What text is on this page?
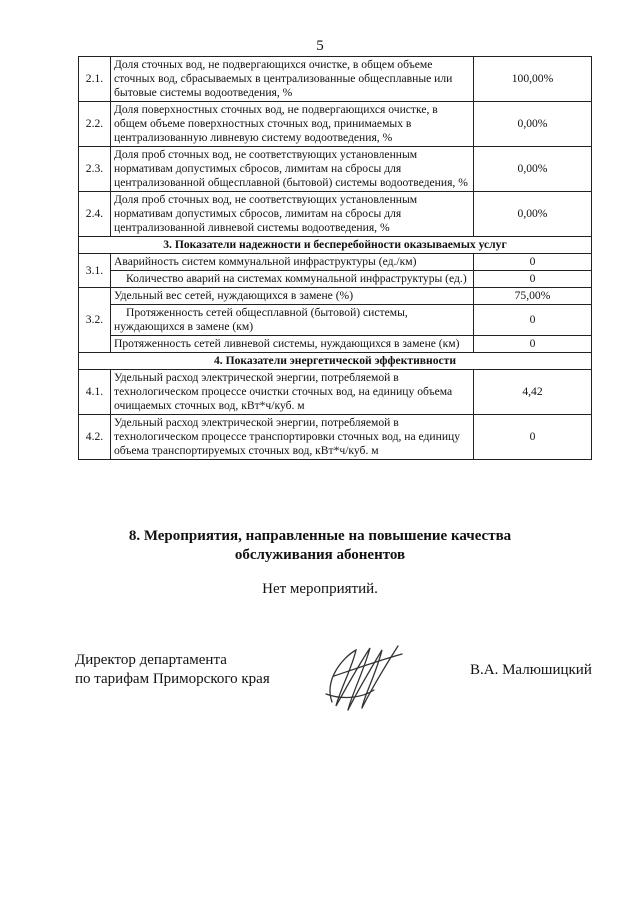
5
2.1.	Доля сточных вод, не подвергающихся очистке, в общем объеме сточных вод, сбрасываемых в централизованные общесплавные или бытовые системы водоотведения, %	100,00%
2.2.	Доля поверхностных сточных вод, не подвергающихся очистке, в общем объеме поверхностных сточных вод, принимаемых в централизованную ливневую систему водоотведения, %	0,00%
2.3.	Доля проб сточных вод, не соответствующих установленным нормативам допустимых сбросов, лимитам на сбросы для централизованной общесплавной (бытовой) системы водоотведения, %	0,00%
2.4.	Доля проб сточных вод, не соответствующих установленным нормативам допустимых сбросов, лимитам на сбросы для централизованной ливневой системы водоотведения, %	0,00%
3. Показатели надежности и бесперебойности оказываемых услуг		
3.1.	Аварийность систем коммунальной инфраструктуры (ед./км)	0
	Количество аварий на системах коммунальной инфраструктуры (ед.)	0
3.2.	Удельный вес сетей, нуждающихся в замене (%)	75,00%
	Протяженность сетей общесплавной (бытовой) системы, нуждающихся в замене (км)	0
	Протяженность сетей ливневой системы, нуждающихся в замене (км)	0
4. Показатели энергетической эффективности		
4.1.	Удельный расход электрической энергии, потребляемой в технологическом процессе очистки сточных вод, на единицу объема очищаемых сточных вод, кВт*ч/куб. м	4,42
4.2.	Удельный расход электрической энергии, потребляемой в технологическом процессе транспортировки сточных вод, на единицу объема транспортируемых сточных вод, кВт*ч/куб. м	0
8. Мероприятия, направленные на повышение качества
обслуживания абонентов
Нет мероприятий.
Директор департамента
по тарифам Приморского края
В.А. Малюшицкий
